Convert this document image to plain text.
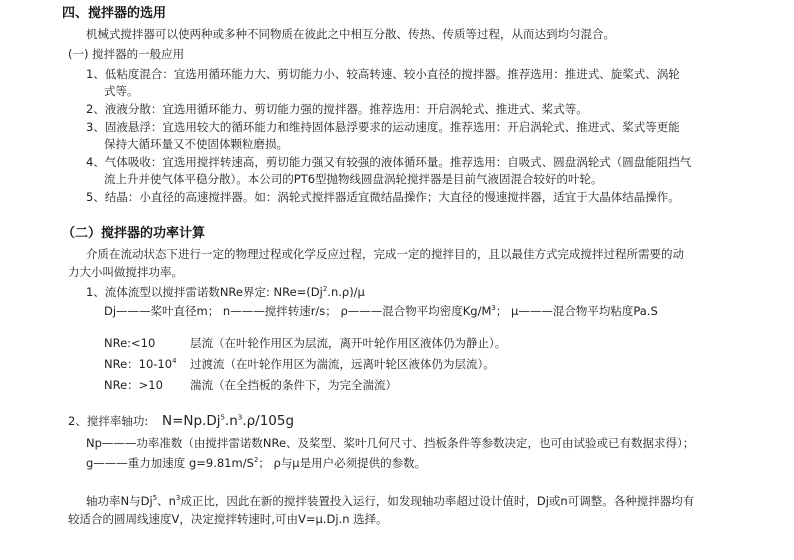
四、搅拌器的选用
机械式搅拌器可以使两种或多种不同物质在彼此之中相互分散、传热、传质等过程，从而达到均匀混合。
(一) 搅拌器的一般应用
1、低粘度混合：宜选用循环能力大、剪切能力小、较高转速、较小直径的搅拌器。推荐选用：推进式、旋桨式、涡轮
式等。
2、液液分散：宜选用循环能力、剪切能力强的搅拌器。推荐选用：开启涡轮式、推进式、桨式等。
3、固液悬浮：宜选用较大的循环能力和维持固体悬浮要求的运动速度。推荐选用：开启涡轮式、推进式、桨式等更能
保持大循环量又不使固体颗粒磨损。
4、气体吸收：宜选用搅拌转速高，剪切能力强又有较强的液体循环量。推荐选用：自吸式、圆盘涡轮式（圆盘能阻挡气
流上升并使气体平稳分散）。本公司的PT6型抛物线圆盘涡轮搅拌器是目前气液固混合较好的叶轮。
5、结晶：小直径的高速搅拌器。如：涡轮式搅拌器适宜微结晶操作；大直径的慢速搅拌器，适宜于大晶体结晶操作。
（二）搅拌器的功率计算
介质在流动状态下进行一定的物理过程或化学反应过程，完成一定的搅拌目的，且以最佳方式完成搅拌过程所需要的动
力大小叫做搅拌功率。
1、流体流型以搅拌雷诺数NRe界定: $NRe=(Dj^2.n.\rho)/\mu$
Dj———桨叶直径m； n———搅拌转速r/s； ρ———混合物平均密度$Kg/M^3$； μ———混合物平均粘度Pa.S
NRe:<10	层流（在叶轮作用区为层流，离开叶轮作用区液体仍为静止）。
NRe：$10-10^4$ 过渡流（在叶轮作用区为湍流，远离叶轮区液体仍为层流）。
NRe：>10 湍流（在全挡板的条件下，为完全湍流）
2、搅拌率轴功: $N=Np.Dj^5.n^3.\rho/105g$
Np———功率准数（由搅拌雷诺数NRe、及桨型、桨叶几何尺寸、挡板条件等参数决定，也可由试验或已有数据求得）；
g———重力加速度 $g=9.81m/S^2$； ρ与μ是用户必须提供的参数。
轴功率N与Dj$^5$、$n^3$成正比，因此在新的搅拌装置投入运行，如发现轴功率超过设计值时，Dj或n可调整。各种搅拌器均有
较适合的圆周线速度V，决定搅拌转速时,可由V=μ.Dj.n 选择。
